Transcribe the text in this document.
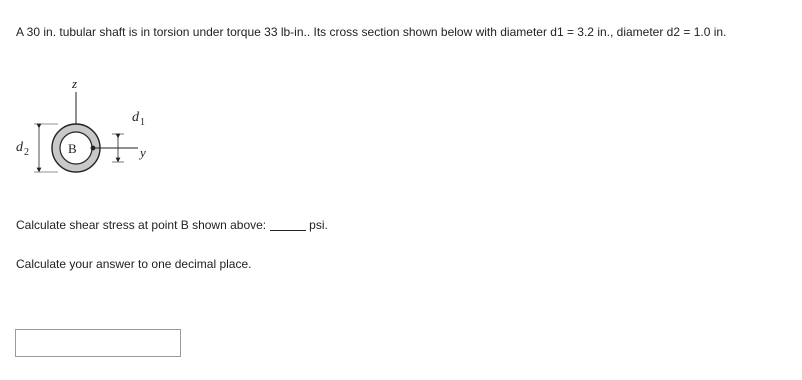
A 30 in. tubular shaft is in torsion under torque 33 lb-in.. Its cross section shown below with diameter d1 = 3.2 in., diameter d2 = 1.0 in.
z
B	y
d 1
d 2
Calculate shear stress at point B shown above:	psi.
Calculate your answer to one decimal place.
